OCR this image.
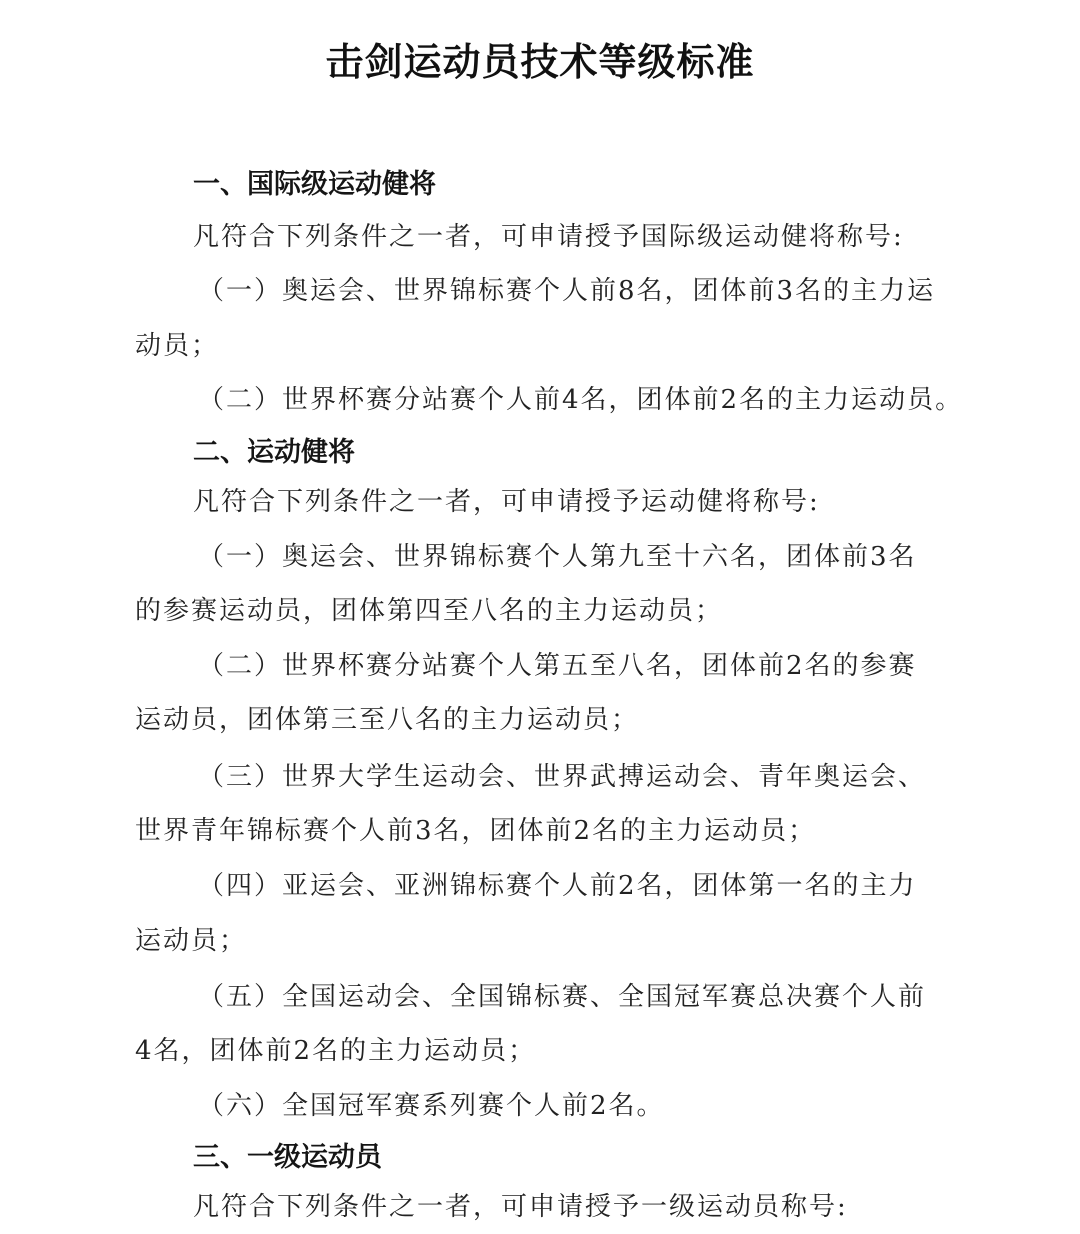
击剑运动员技术等级标准
一、国际级运动健将
凡符合下列条件之一者，可申请授予国际级运动健将称号:
（一）奥运会、世界锦标赛个人前8名，团体前3名的主力运
动员；
（二）世界杯赛分站赛个人前4名，团体前2名的主力运动员。
二、运动健将
凡符合下列条件之一者，可申请授予运动健将称号:
（一）奥运会、世界锦标赛个人第九至十六名，团体前3名
的参赛运动员，团体第四至八名的主力运动员；
（二）世界杯赛分站赛个人第五至八名，团体前2名的参赛
运动员，团体第三至八名的主力运动员；
（三）世界大学生运动会、世界武搏运动会、青年奥运会、
世界青年锦标赛个人前3名，团体前2名的主力运动员；
（四）亚运会、亚洲锦标赛个人前2名，团体第一名的主力
运动员；
（五）全国运动会、全国锦标赛、全国冠军赛总决赛个人前
4名，团体前2名的主力运动员；
（六）全国冠军赛系列赛个人前2名。
三、一级运动员
凡符合下列条件之一者，可申请授予一级运动员称号:
